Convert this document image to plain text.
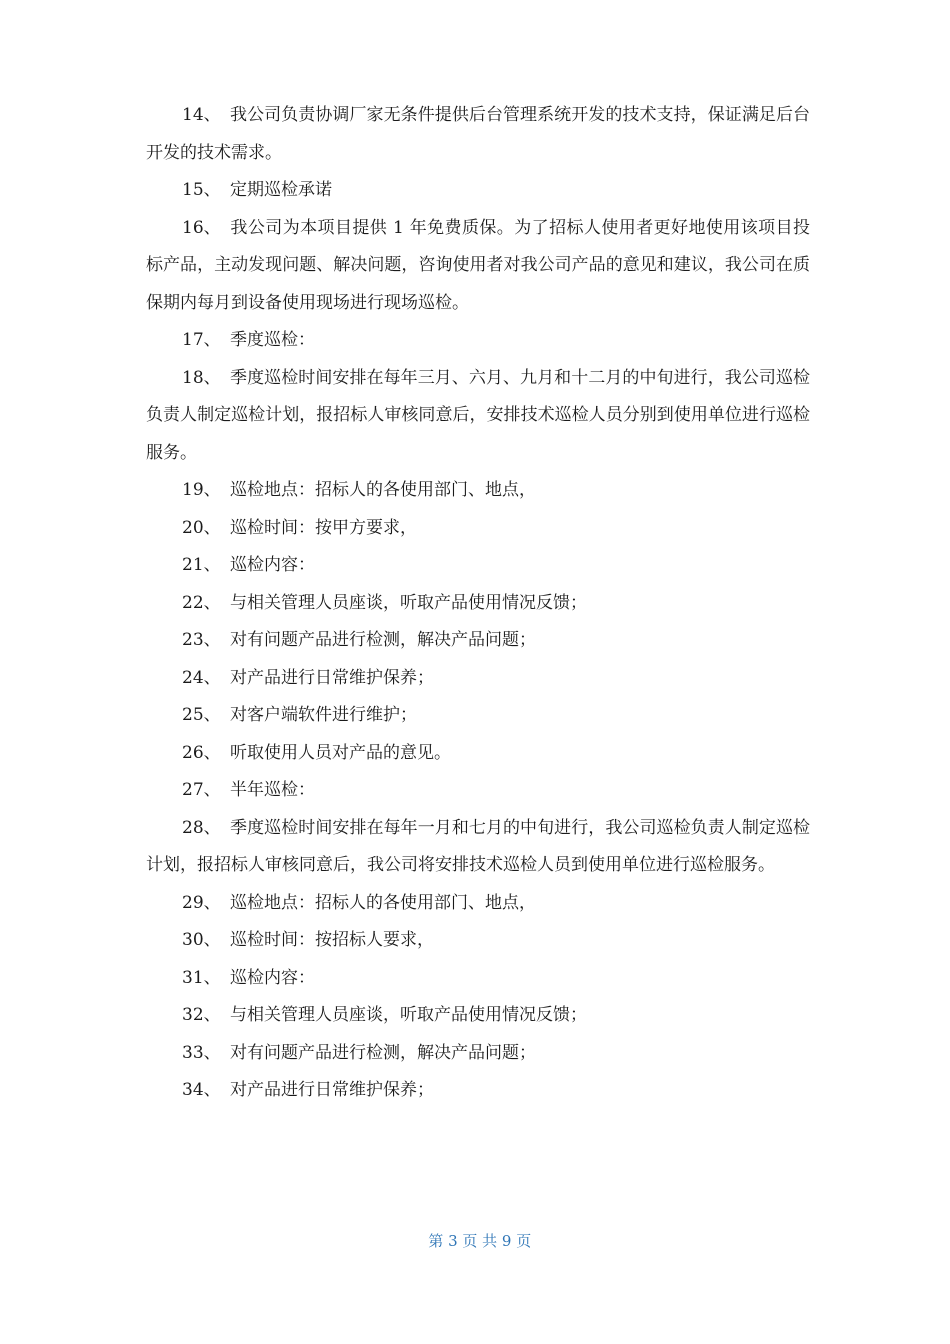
14、 我公司负责协调厂家无条件提供后台管理系统开发的技术支持，保证满足后台开发的技术需求。

15、 定期巡检承诺

16、 我公司为本项目提供 1 年免费质保。为了招标人使用者更好地使用该项目投标产品，主动发现问题、解决问题，咨询使用者对我公司产品的意见和建议，我公司在质保期内每月到设备使用现场进行现场巡检。

17、 季度巡检：

18、 季度巡检时间安排在每年三月、六月、九月和十二月的中旬进行，我公司巡检负责人制定巡检计划，报招标人审核同意后，安排技术巡检人员分别到使用单位进行巡检服务。

19、 巡检地点：招标人的各使用部门、地点，

20、 巡检时间：按甲方要求，

21、 巡检内容：

22、 与相关管理人员座谈，听取产品使用情况反馈；

23、 对有问题产品进行检测，解决产品问题；

24、 对产品进行日常维护保养；

25、 对客户端软件进行维护；

26、 听取使用人员对产品的意见。

27、 半年巡检：

28、 季度巡检时间安排在每年一月和七月的中旬进行，我公司巡检负责人制定巡检计划，报招标人审核同意后，我公司将安排技术巡检人员到使用单位进行巡检服务。

29、 巡检地点：招标人的各使用部门、地点，

30、 巡检时间：按招标人要求，

31、 巡检内容：

32、 与相关管理人员座谈，听取产品使用情况反馈；

33、 对有问题产品进行检测，解决产品问题；

34、 对产品进行日常维护保养；

第 3 页 共 9 页
